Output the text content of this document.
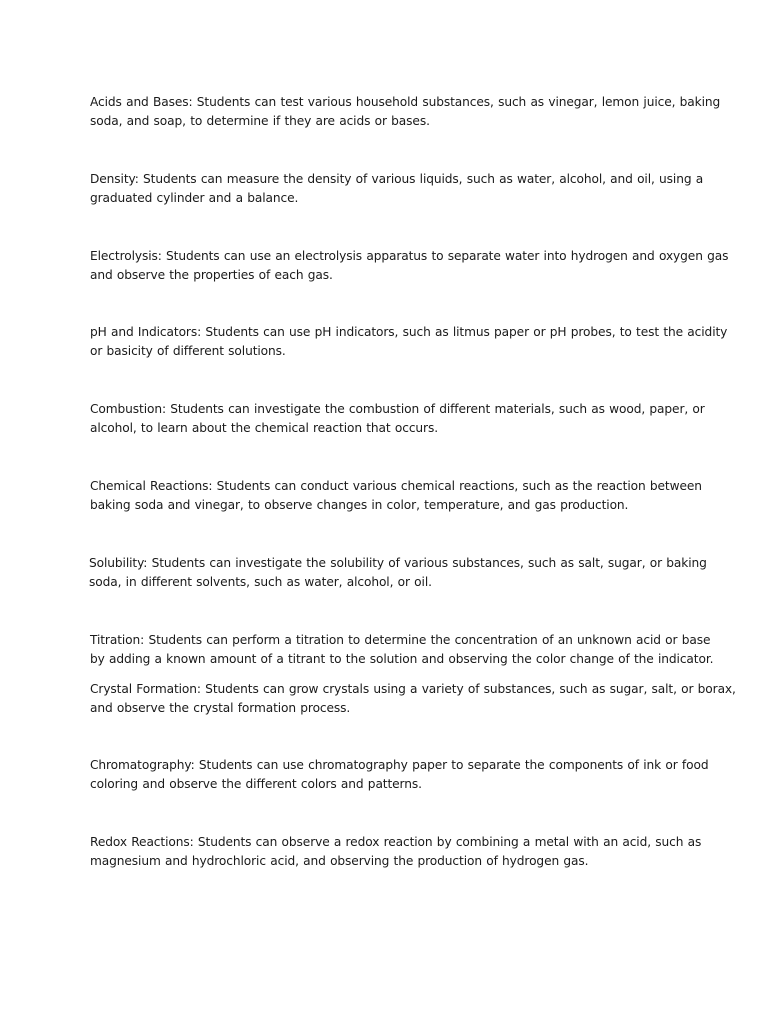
Acids and Bases: Students can test various household substances, such as vinegar, lemon juice, baking
soda, and soap, to determine if they are acids or bases.

Density: Students can measure the density of various liquids, such as water, alcohol, and oil, using a
graduated cylinder and a balance.

Electrolysis: Students can use an electrolysis apparatus to separate water into hydrogen and oxygen gas
and observe the properties of each gas.

pH and Indicators: Students can use pH indicators, such as litmus paper or pH probes, to test the acidity
or basicity of different solutions.

Combustion: Students can investigate the combustion of different materials, such as wood, paper, or
alcohol, to learn about the chemical reaction that occurs.

Chemical Reactions: Students can conduct various chemical reactions, such as the reaction between
baking soda and vinegar, to observe changes in color, temperature, and gas production.

Solubility: Students can investigate the solubility of various substances, such as salt, sugar, or baking
soda, in different solvents, such as water, alcohol, or oil.

Titration: Students can perform a titration to determine the concentration of an unknown acid or base
by adding a known amount of a titrant to the solution and observing the color change of the indicator.

Crystal Formation: Students can grow crystals using a variety of substances, such as sugar, salt, or borax,
and observe the crystal formation process.

Chromatography: Students can use chromatography paper to separate the components of ink or food
coloring and observe the different colors and patterns.

Redox Reactions: Students can observe a redox reaction by combining a metal with an acid, such as
magnesium and hydrochloric acid, and observing the production of hydrogen gas.
